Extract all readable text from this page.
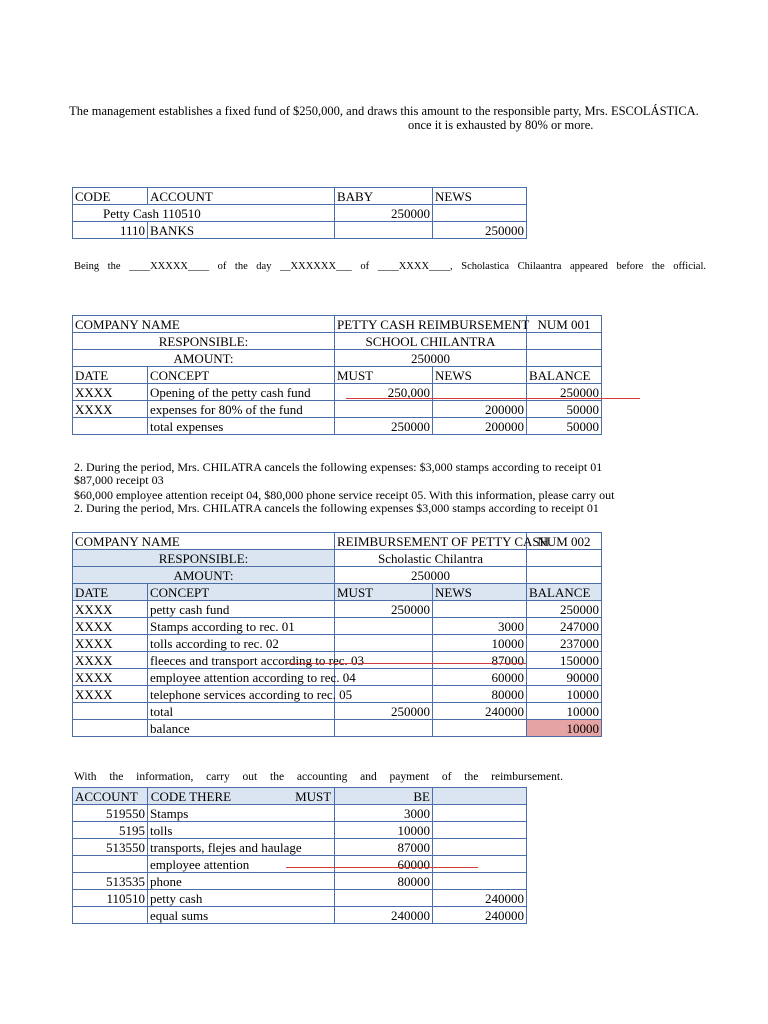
The management establishes a fixed fund of $250,000, and draws this amount to the responsible party, Mrs. ESCOLÁSTICA.
once it is exhausted by 80% or more.
CODE	ACCOUNT	BABY	NEWS
Petty Cash 110510		250000	
1110	BANKS		250000
Being the ____XXXXX____ of the day __XXXXXX___ of ____XXXX____, Scholastica Chilaantra appeared before the official.
COMPANY NAME		PETTY CASH REIMBURSEMENT		NUM 001
RESPONSIBLE:		SCHOOL CHILANTRA		
AMOUNT:		250000		
DATE	CONCEPT	MUST	NEWS	BALANCE
XXXX	Opening of the petty cash fund	250,000		250000
XXXX	expenses for 80% of the fund		200000	50000
	total expenses	250000	200000	50000
2. During the period, Mrs. CHILATRA cancels the following expenses: $3,000 stamps according to receipt 01
$87,000 receipt 03
$60,000 employee attention receipt 04, $80,000 phone service receipt 05. With this information, please carry out
2. During the period, Mrs. CHILATRA cancels the following expenses $3,000 stamps according to receipt 01
COMPANY NAME		REIMBURSEMENT OF PETTY CASH		NUM 002
RESPONSIBLE:		Scholastic Chilantra		
AMOUNT:		250000		
DATE	CONCEPT	MUST	NEWS	BALANCE
XXXX	petty cash fund	250000		250000
XXXX	Stamps according to rec. 01		3000	247000
XXXX	tolls according to rec. 02		10000	237000
XXXX	fleeces and transport according to rec. 03		87000	150000
XXXX	employee attention according to rec. 04		60000	90000
XXXX	telephone services according to rec. 05		80000	10000
	total	250000	240000	10000
	balance			10000
With the information, carry out the accounting and payment of the reimbursement.
ACCOUNT	CODE THERE MUST	BE	
519550	Stamps	3000	
5195	tolls	10000	
513550	transports, flejes and haulage	87000	
	employee attention	60000	
513535	phone	80000	
110510	petty cash		240000
	equal sums	240000	240000
